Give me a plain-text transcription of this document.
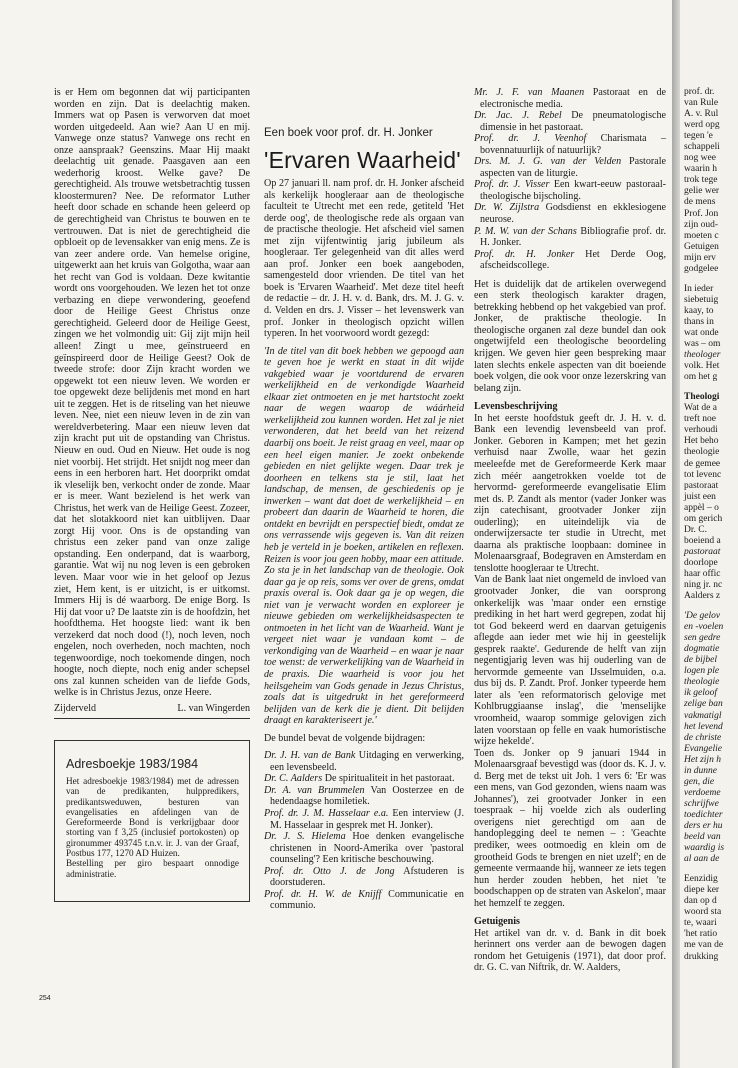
is er Hem om begonnen dat wij participanten worden en zijn. Dat is deelachtig maken. Immers wat op Pasen is verworven dat moet worden uitgedeeld. Aan wie? Aan U en mij. Vanwege onze status? Vanwege ons recht en onze aanspraak? Geenszins. Maar Hij maakt deelachtig uit genade. Paasgaven aan een wederhorig kroost. Welke gave? De gerechtigheid. Als trouwe wetsbetrachtig tussen kloostermuren? Nee. De reformator Luther heeft door schade en schande heen geleerd op de gerechtigheid van Christus te bouwen en te vertrouwen. Dat is niet de gerechtigheid die opbloeit op de levensakker van enig mens. Ze is van zeer andere orde. Van hemelse origine, uitgewerkt aan het kruis van Golgotha, waar aan het recht van God is voldaan. Deze kwitantie wordt ons voorgehouden. We lezen het tot onze verbazing en diepe verwondering, geoefend door de Heilige Geest Christus onze gerechtigheid. Geleerd door de Heilige Geest, zingen we het volmondig uit: Gij zijt mijn heil alleen! Zingt u mee, geïnstrueerd en geïnspireerd door de Heilige Geest? Ook de tweede strofe: door Zijn kracht worden we opgewekt tot een nieuw leven. We worden er toe opgewekt deze belijdenis met mond en hart uit te zeggen. Het is de ritseling van het nieuwe leven. Nee, niet een nieuw leven in de zin van wereldverbetering. Maar een nieuw leven dat zijn kracht put uit de opstanding van Christus. Nieuw en oud. Oud en Nieuw. Het oude is nog niet voorbij. Het strijdt. Het snijdt nog meer dan eens in een herboren hart. Het doorprikt omdat ik vleselijk ben, verkocht onder de zonde. Maar er is meer. Want bezielend is het werk van Christus, het werk van de Heilige Geest. Zozeer, dat het slotakkoord niet kan uitblijven. Daar zorgt Hij voor. Ons is de opstanding van christus een zeker pand van onze zalige opstanding. Een onderpand, dat is waarborg, garantie. Wat wij nu nog leven is een gebroken leven. Maar voor wie in het geloof op Jezus ziet, Hem kent, is er uitzicht, is er uitkomst. Immers Hij is dé waarborg. De enige Borg. Is Hij dat voor u? De laatste zin is de hoofdzin, het hoofdthema. Het hoogste lied: want ik ben verzekerd dat noch dood (!), noch leven, noch engelen, noch overheden, noch machten, noch tegenwoordige, noch toekomende dingen, noch hoogte, noch diepte, noch enig ander schepsel ons zal kunnen scheiden van de liefde Gods, welke is in Christus Jezus, onze Heere.

Zijderveld	L. van Wingerden
Adresboekje 1983/1984

Het adresboekje 1983/1984) met de adressen van de predikanten, hulppredikers, predikantsweduwen, besturen van evangelisaties en afdelingen van de Gereformeerde Bond is verkrijgbaar door storting van f 3,25 (inclusief portokosten) op gironummer 493745 t.n.v. ir. J. van der Graaf, Postbus 177, 1270 AD Huizen.

Bestelling per giro bespaart onnodige administratie.

254
Een boek voor prof. dr. H. Jonker
'Ervaren Waarheid'

Op 27 januari ll. nam prof. dr. H. Jonker afscheid als kerkelijk hoogleraar aan de theologische faculteit te Utrecht met een rede, getiteld 'Het derde oog', de theologische rede als orgaan van de practische theologie. Het afscheid viel samen met zijn vijfentwintig jarig jubileum als hoogleraar. Ter gelegenheid van dit alles werd aan prof. Jonker een boek aangeboden, samengesteld door vrienden. De titel van het boek is 'Ervaren Waarheid'. Met deze titel heeft de redactie – dr. J. H. v. d. Bank, drs. M. J. G. v. d. Velden en drs. J. Visser – het levenswerk van prof. Jonker in theologisch opzicht willen typeren. In het voorwoord wordt gezegd:

'In de titel van dit boek hebben we gepoogd aan te geven hoe je werkt en staat in dit wijde vakgebied waar je voortdurend de ervaren werkelijkheid en de verkondigde Waarheid elkaar ziet ontmoeten en je met hartstocht zoekt naar de wegen waarop de wáárheid werkelijkheid zou kunnen worden. Het zal je niet verwonderen, dat het beeld van het reizend daarbij ons boeit. Je reist graag en veel, maar op een heel eigen manier. Je zoekt onbekende gebieden en niet gelijkte wegen. Daar trek je doorheen en telkens sta je stil, laat het landschap, de mensen, de geschiedenis op je inwerken – want dat doet de werkelijkheid – en probeert dan daarin de Waarheid te horen, die ontdekt en bevrijdt en perspectief biedt, omdat ze ons verrassende wijs gegeven is. Van dit reizen heb je verteld in je boeken, artikelen en reflexen. Reizen is voor jou geen hobby, maar een attitude. Zo sta je in het landschap van de theologie. Ook daar ga je op reis, soms ver over de grens, omdat praxis overal is. Ook daar ga je op wegen, die niet van je verwacht worden en exploreer je nieuwe gebieden om werkelijkheidsaspecten te ontmoeten in het licht van de Waarheid. Want je vergeet niet waar je vandaan komt – de verkondiging van de Waarheid – en waar je naar toe wenst: de verwerkelijking van de Waarheid in de praxis. Die waarheid is voor jou het heilsgeheim van Gods genade in Jezus Christus, zoals dat is uitgedrukt in het gereformeerd belijden van de kerk die je dient. Dit belijden draagt en karakteriseert je.'

De bundel bevat de volgende bijdragen:

Dr. J. H. van de Bank Uitdaging en verwerking, een levensbeeld.

Dr. C. Aalders De spiritualiteit in het pastoraat.

Dr. A. van Brummelen Van Oosterzee en de hedendaagse homiletiek.

Prof. dr. J. M. Hasselaar e.a. Een interview (J. M. Hasselaar in gesprek met H. Jonker).

Dr. J. S. Hielema Hoe denken evangelische christenen in Noord-Amerika over 'pastoral counseling'? Een kritische beschouwing.

Prof. dr. Otto J. de Jong Afstuderen is doorstuderen.

Prof. dr. H. W. de Knijff Communicatie en communio.

Mr. J. F. van Maanen Pastoraat en de electronische media.

Dr. Jac. J. Rebel De pneumatologische dimensie in het pastoraat.

Prof. dr. J. Veenhof Charismata – bovennatuurlijk of natuurlijk?

Drs. M. J. G. van der Velden Pastorale aspecten van de liturgie.

Prof. dr. J. Visser Een kwart-eeuw pastoraal-theologische bijscholing.

Dr. W. Zijlstra Godsdienst en ekklesiogene neurose.

P. M. W. van der Schans Bibliografie prof. dr. H. Jonker.

Prof. dr. H. Jonker Het Derde Oog, afscheidscollege.

Het is duidelijk dat de artikelen overwegend een sterk theologisch karakter dragen, betrekking hebbend op het vakgebied van prof. Jonker, de praktische theologie. In theologische organen zal deze bundel dan ook ongetwijfeld een theologische beoordeling krijgen. We geven hier geen bespreking maar laten slechts enkele aspecten van dit boeiende boek volgen, die ook voor onze lezerskring van belang zijn.

Levensbeschrijving

In het eerste hoofdstuk geeft dr. J. H. v. d. Bank een levendig levensbeeld van prof. Jonker. Geboren in Kampen; met het gezin verhuisd naar Zwolle, waar het gezin meeleefde met de Gereformeerde Kerk maar zich méér aangetrokken voelde tot de hervormd- gereformeerde evangelisatie Elim met ds. P. Zandt als mentor (vader Jonker was zijn catechisant, grootvader Jonker zijn ouderling); en uiteindelijk via de onderwijzersacte ter studie in Utrecht, met daarna als praktische loopbaan: dominee in Molenaarsgraaf, Bodegraven en Amsterdam en tenslotte hoogleraar te Utrecht.

Van de Bank laat niet ongemeld de invloed van grootvader Jonker, die van oorsprong onkerkelijk was 'maar onder een ernstige prediking in het hart werd gegrepen, zodat hij tot God bekeerd werd en daarvan getuigenis aflegde aan ieder met wie hij in geestelijk gesprek raakte'. Gedurende de helft van zijn negentigjarig leven was hij ouderling van de hervormde gemeente van IJsselmuiden, o.a. dus bij ds. P. Zandt. Prof. Jonker typeerde hem later als 'een reformatorisch gelovige met Kohlbruggiaanse inslag', die 'menselijke vroomheid, waarop sommige gelovigen zich laten voorstaan op felle en vaak humoristische wijze hekelde'.

Toen ds. Jonker op 9 januari 1944 in Molenaarsgraaf bevestigd was (door ds. K. J. v. d. Berg met de tekst uit Joh. 1 vers 6: 'Er was een mens, van God gezonden, wiens naam was Johannes'), zei grootvader Jonker in een toespraak – hij voelde zich als ouderling overigens niet gerechtigd om aan de handoplegging deel te nemen – : 'Geachte prediker, wees ootmoedig en klein om de grootheid Gods te brengen en niet uzelf'; en de gemeente vermaande hij, wanneer ze iets tegen hun herder zouden hebben, het niet 'te boodschappen op de straten van Askelon', maar het hemzelf te zeggen.

Getuigenis

Het artikel van dr. v. d. Bank in dit boek herinnert ons verder aan de bewogen dagen rondom het Getuigenis (1971), dat door prof. dr. G. C. van Niftrik, dr. W. Aalders,

prof. dr.
van Rule
A. v. Rul
werd opg
tegen 'e
schappeli
nog wee
waarin h
trok tege
gelie wer
de mens
Prof. Jon
zijn oud-
moeten c
Getuigen
mijn erv
godgelee
In ieder
siebetuig
kaay, to
thans in
wat onde
was – om
theologer
volk. Het
om het g
Theologi
Wat de a
treft noe
verhoudi
Het beho
theologie
de gemee
tot levenc
pastoraat
juist een
appèl – o
om gerich
Dr. C.
boeiend a
pastoraat
doorlope
haar offic
ning jr. nc
Aalders z
'De gelov
en -voelen
sen gedre
dogmatie
de bijbel
logen ple
theologie
ik geloof
zelige ban
vakmatigl
het levend
de christe
Evangelie
Het zijn h
in dunne
gen, die
verdoeme
schrijfwe
toedichter
ders er hu
beeld van
waardig is
al aan de
Eenzidig
diepe ker
dan op d
woord sta
te, waari
'het ratio
me van de
drukking
